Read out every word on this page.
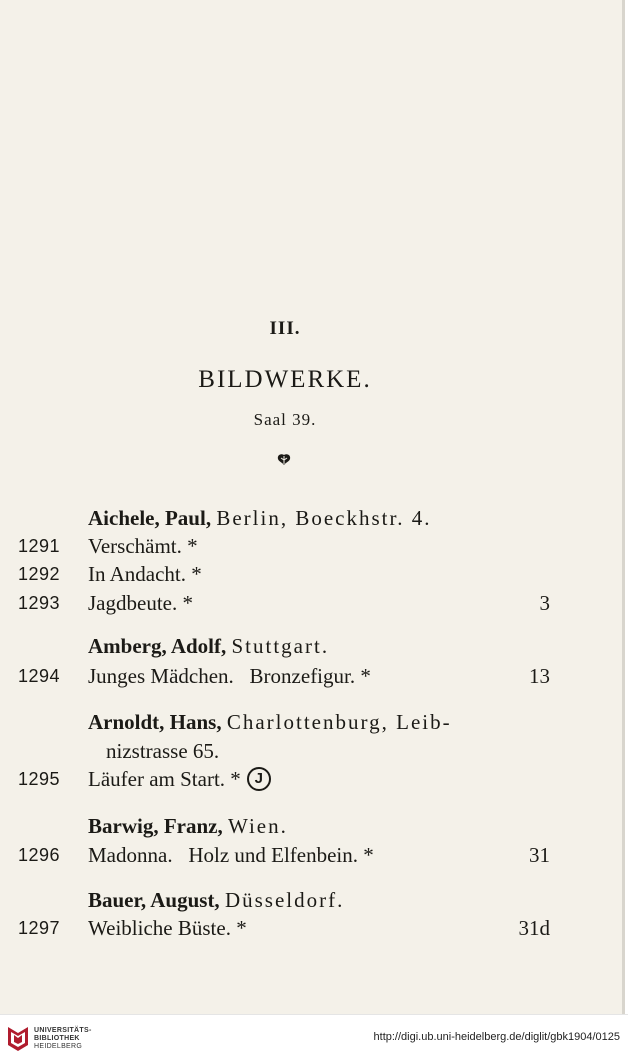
III.
BILDWERKE.
Saal 39.
Aichele, Paul, Berlin, Boeckhstr. 4.
1291 Verschämt. *
1292 In Andacht. *
1293 Jagdbeute. *	3
Amberg, Adolf, Stuttgart.
1294 Junges Mädchen.   Bronzefigur. *	13
Arnoldt, Hans, Charlottenburg, Leib-
nizstrasse 65.
1295 Läufer am Start. * J
Barwig, Franz, Wien.
1296 Madonna.   Holz und Elfenbein. *	31
Bauer, August, Düsseldorf.
1297 Weibliche Büste. *	31d
UNIVERSITÄTS-
BIBLIOTHEK
HEIDELBERG
http://digi.ub.uni-heidelberg.de/diglit/gbk1904/0125
